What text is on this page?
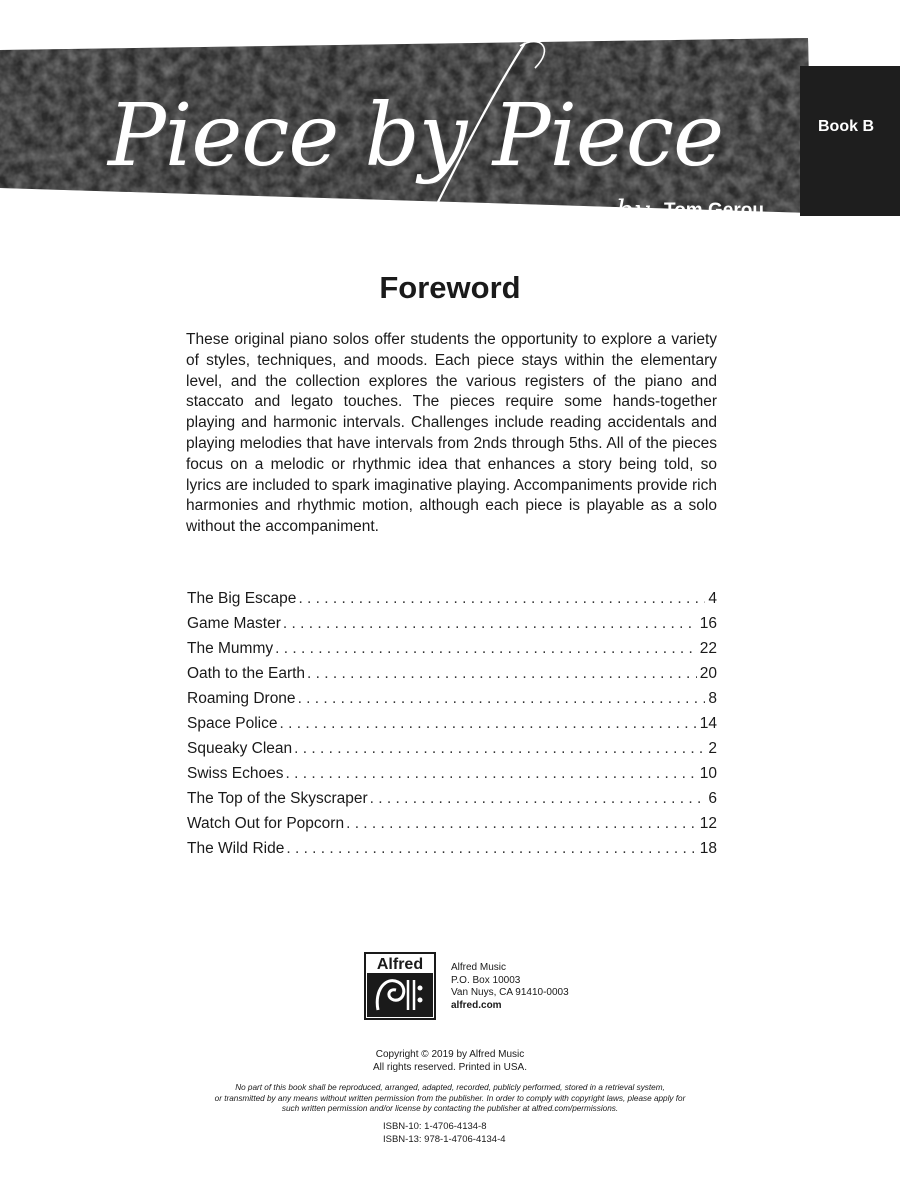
Piece by Piece
11 ELEMENTARY COLOR PIECES
FOR SOLO PIANO
Book B
by Tom Gerou
Foreword
These original piano solos offer students the opportunity to explore a variety of styles, techniques, and moods. Each piece stays within the elementary level, and the collection explores the various registers of the piano and staccato and legato touches. The pieces require some hands-together playing and harmonic intervals. Challenges include reading accidentals and playing melodies that have intervals from 2nds through 5ths. All of the pieces focus on a melodic or rhythmic idea that enhances a story being told, so lyrics are included to spark imaginative playing. Accompaniments provide rich harmonies and rhythmic motion, although each piece is playable as a solo without the accompaniment.
The Big Escape . . .	4
Game Master . . .	16
The Mummy . . .	22
Oath to the Earth . . .	20
Roaming Drone . . .	8
Space Police . . .	14
Squeaky Clean . . .	2
Swiss Echoes . . .	10
The Top of the Skyscraper . . .	6
Watch Out for Popcorn . . .	12
The Wild Ride . . .	18
Alfred	Alfred Music
P.O. Box 10003
Van Nuys, CA 91410-0003
alfred.com
Copyright © 2019 by Alfred Music
All rights reserved. Printed in USA.
No part of this book shall be reproduced, arranged, adapted, recorded, publicly performed, stored in a retrieval system,
or transmitted by any means without written permission from the publisher. In order to comply with copyright laws, please apply for
such written permission and/or license by contacting the publisher at alfred.com/permissions.
ISBN-10: 1-4706-4134-8
ISBN-13: 978-1-4706-4134-4
